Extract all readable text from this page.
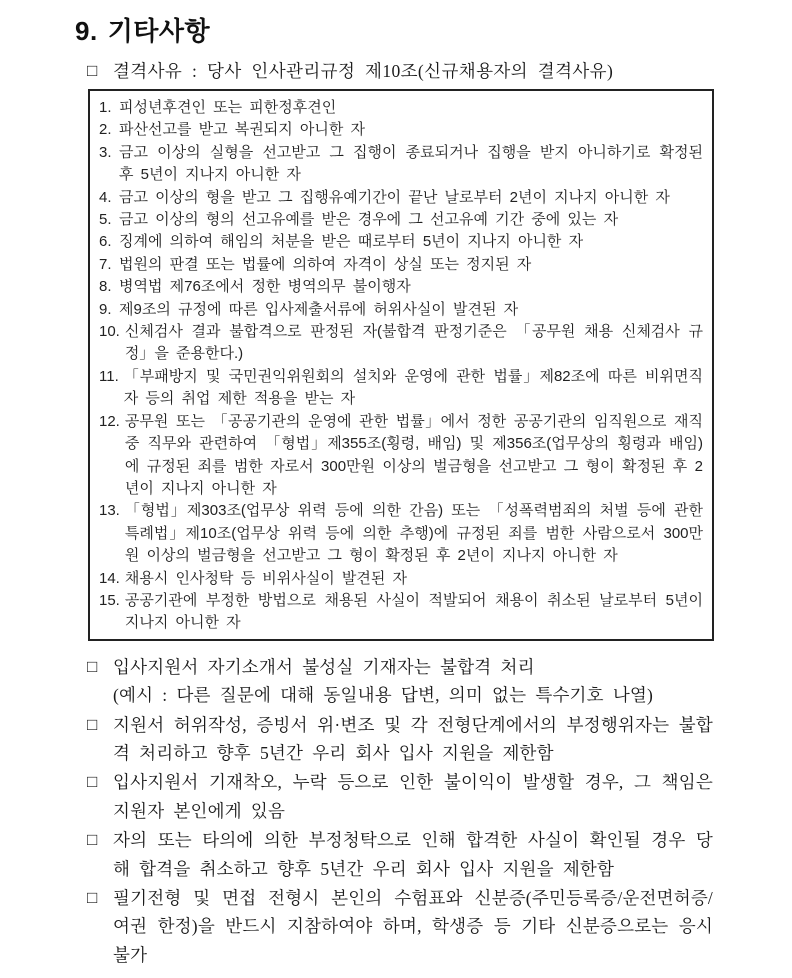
9. 기타사항
□ 결격사유 : 당사 인사관리규정 제10조(신규채용자의 결격사유)
1. 피성년후견인 또는 피한정후견인
2. 파산선고를 받고 복권되지 아니한 자
3. 금고 이상의 실형을 선고받고 그 집행이 종료되거나 집행을 받지 아니하기로 확정된 후 5년이 지나지 아니한 자
4. 금고 이상의 형을 받고 그 집행유예기간이 끝난 날로부터 2년이 지나지 아니한 자
5. 금고 이상의 형의 선고유예를 받은 경우에 그 선고유예 기간 중에 있는 자
6. 징계에 의하여 해임의 처분을 받은 때로부터 5년이 지나지 아니한 자
7. 법원의 판결 또는 법률에 의하여 자격이 상실 또는 정지된 자
8. 병역법 제76조에서 정한 병역의무 불이행자
9. 제9조의 규정에 따른 입사제출서류에 허위사실이 발견된 자
10. 신체검사 결과 불합격으로 판정된 자(불합격 판정기준은 「공무원 채용 신체검사 규정」을 준용한다.)
11. 「부패방지 및 국민권익위원회의 설치와 운영에 관한 법률」제82조에 따른 비위면직자 등의 취업 제한 적용을 받는 자
12. 공무원 또는 「공공기관의 운영에 관한 법률」에서 정한 공공기관의 임직원으로 재직 중 직무와 관련하여 「형법」제355조(횡령, 배임) 및 제356조(업무상의 횡령과 배임)에 규정된 죄를 범한 자로서 300만원 이상의 벌금형을 선고받고 그 형이 확정된 후 2년이 지나지 아니한 자
13. 「형법」제303조(업무상 위력 등에 의한 간음) 또는 「성폭력범죄의 처벌 등에 관한 특례법」제10조(업무상 위력 등에 의한 추행)에 규정된 죄를 범한 사람으로서 300만원 이상의 벌금형을 선고받고 그 형이 확정된 후 2년이 지나지 아니한 자
14. 채용시 인사청탁 등 비위사실이 발견된 자
15. 공공기관에 부정한 방법으로 채용된 사실이 적발되어 채용이 취소된 날로부터 5년이 지나지 아니한 자
□ 입사지원서 자기소개서 불성실 기재자는 불합격 처리

(예시 : 다른 질문에 대해 동일내용 답변, 의미 없는 특수기호 나열)

□ 지원서 허위작성, 증빙서 위·변조 및 각 전형단계에서의 부정행위자는 불합격 처리하고 향후 5년간 우리 회사 입사 지원을 제한함

□ 입사지원서 기재착오, 누락 등으로 인한 불이익이 발생할 경우, 그 책임은 지원자 본인에게 있음

□ 자의 또는 타의에 의한 부정청탁으로 인해 합격한 사실이 확인될 경우 당해 합격을 취소하고 향후 5년간 우리 회사 입사 지원을 제한함

□ 필기전형 및 면접 전형시 본인의 수험표와 신분증(주민등록증/운전면허증/여권 한정)을 반드시 지참하여야 하며, 학생증 등 기타 신분증으로는 응시 불가
